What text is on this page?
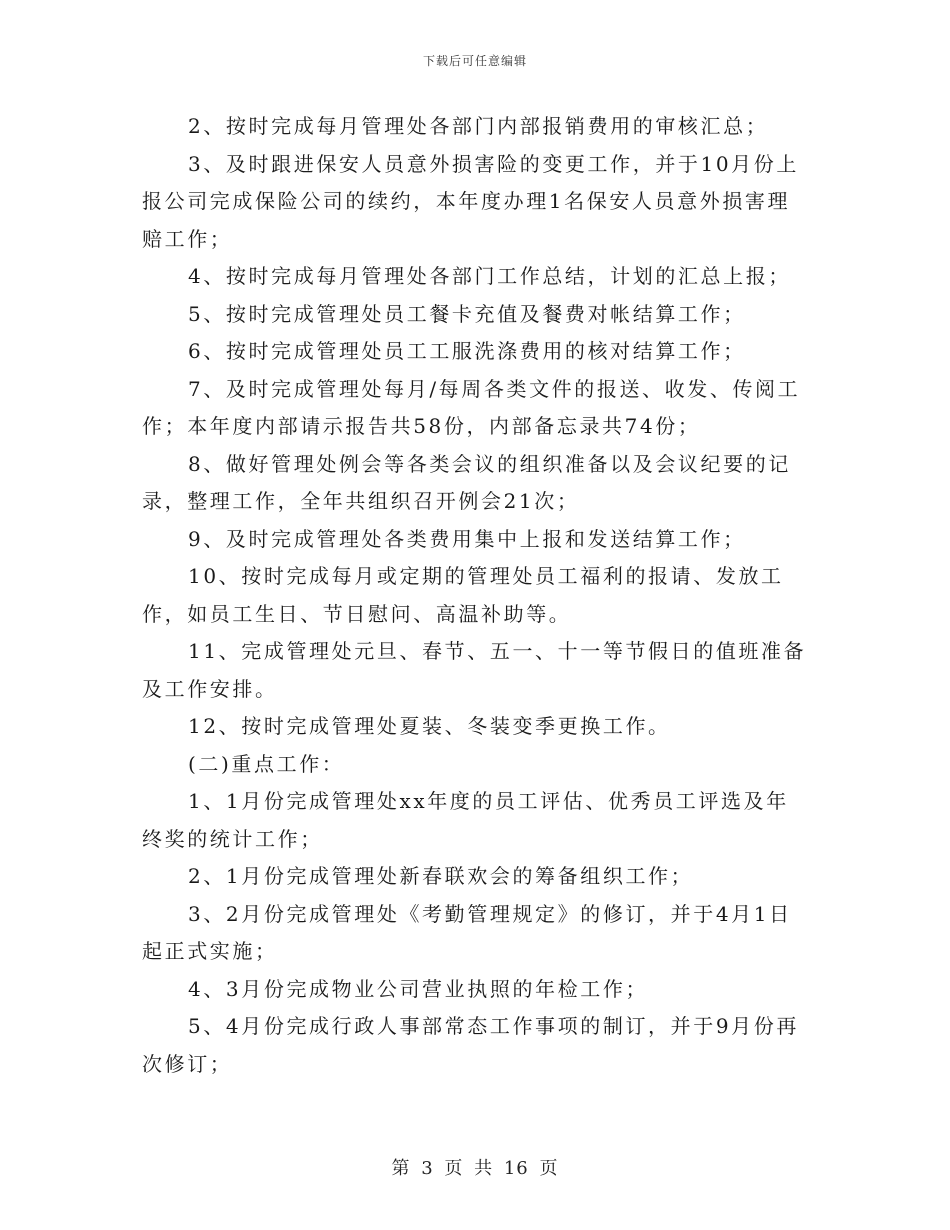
下载后可任意编辑

2、按时完成每月管理处各部门内部报销费用的审核汇总；

3、及时跟进保安人员意外损害险的变更工作，并于10月份上报公司完成保险公司的续约，本年度办理1名保安人员意外损害理赔工作；

4、按时完成每月管理处各部门工作总结，计划的汇总上报；

5、按时完成管理处员工餐卡充值及餐费对帐结算工作；

6、按时完成管理处员工工服洗涤费用的核对结算工作；

7、及时完成管理处每月/每周各类文件的报送、收发、传阅工作；本年度内部请示报告共58份，内部备忘录共74份；

8、做好管理处例会等各类会议的组织准备以及会议纪要的记录，整理工作，全年共组织召开例会21次；

9、及时完成管理处各类费用集中上报和发送结算工作；

10、按时完成每月或定期的管理处员工福利的报请、发放工作，如员工生日、节日慰问、高温补助等。

11、完成管理处元旦、春节、五一、十一等节假日的值班准备及工作安排。

12、按时完成管理处夏装、冬装变季更换工作。

(二)重点工作：

1、1月份完成管理处xx年度的员工评估、优秀员工评选及年终奖的统计工作；

2、1月份完成管理处新春联欢会的筹备组织工作；

3、2月份完成管理处《考勤管理规定》的修订，并于4月1日起正式实施；

4、3月份完成物业公司营业执照的年检工作；

5、4月份完成行政人事部常态工作事项的制订，并于9月份再次修订；

第 3 页 共 16 页
